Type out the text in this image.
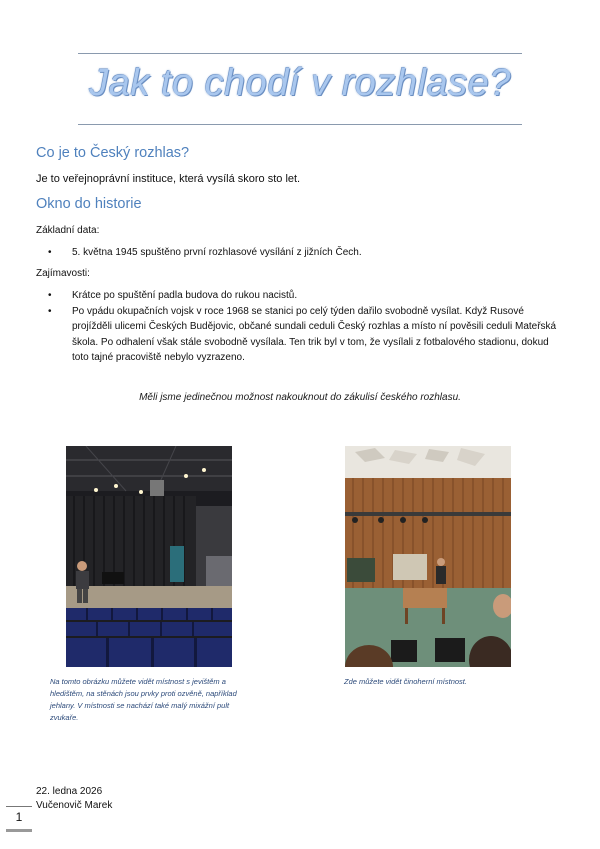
Jak to chodí v rozhlase?
Co je to Český rozhlas?
Je to veřejnoprávní instituce, která vysílá skoro sto let.
Okno do historie
Základní data:
• 5. května 1945 spuštěno první rozhlasové vysílání z jižních Čech.
Zajímavosti:
• Krátce po spuštění padla budova do rukou nacistů.
• Po vpádu okupačních vojsk v roce 1968 se stanici po celý týden dařilo svobodně vysílat. Když Rusové projížděli ulicemi Českých Budějovic, občané sundali ceduli Český rozhlas a místo ní pověsili ceduli Mateřská škola. Po odhalení však stále svobodně vysílala. Ten trik byl v tom, že vysílali z fotbalového stadionu, dokud toto tajné pracoviště nebylo vyzrazeno.
Měli jsme jedinečnou možnost nakouknout do zákulisí českého rozhlasu.
Na tomto obrázku můžete vidět místnost s jevištěm a hledištěm, na stěnách jsou prvky proti ozvěně, například jehlany. V místnosti se nachází také malý mixážní pult zvukaře.
Zde můžete vidět činoherní místnost.
22. ledna 2026
Vučenovič Marek
1
